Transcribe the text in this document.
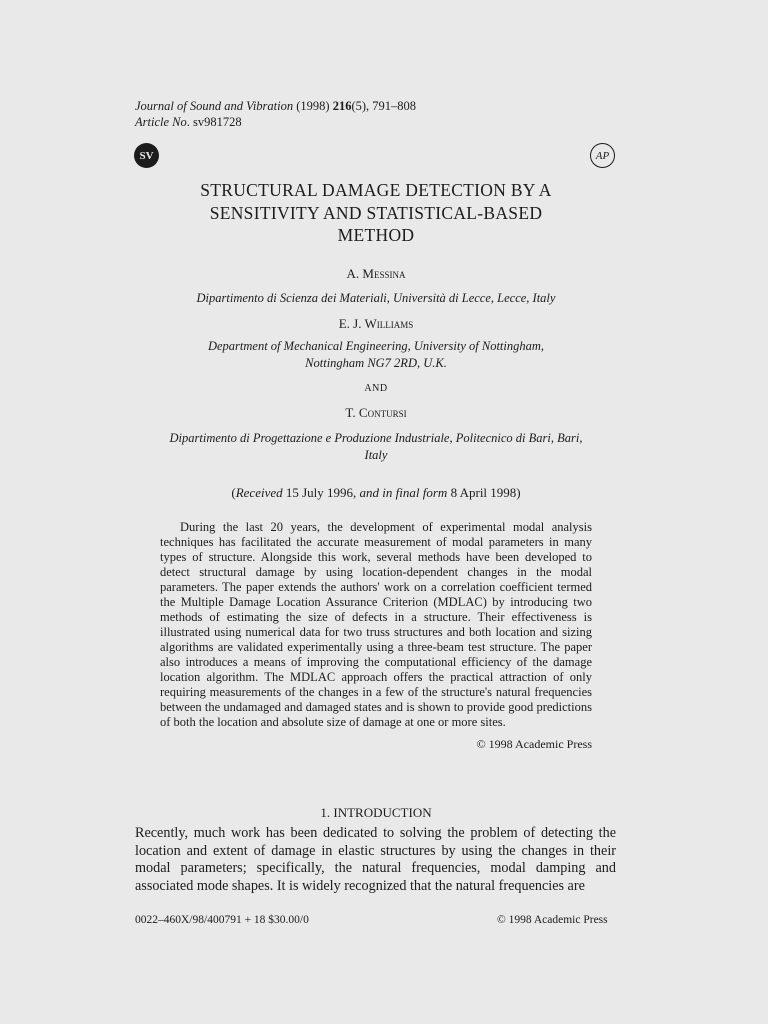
Journal of Sound and Vibration (1998) 216(5), 791–808
Article No. sv981728
SV	AP
STRUCTURAL DAMAGE DETECTION BY A
SENSITIVITY AND STATISTICAL-BASED
METHOD
A. Messina
Dipartimento di Scienza dei Materiali, Università di Lecce, Lecce, Italy
E. J. Williams
Department of Mechanical Engineering, University of Nottingham,
Nottingham NG7 2RD, U.K.
AND
T. Contursi
Dipartimento di Progettazione e Produzione Industriale, Politecnico di Bari, Bari,
Italy
(Received 15 July 1996, and in final form 8 April 1998)
During the last 20 years, the development of experimental modal analysis techniques has facilitated the accurate measurement of modal parameters in many types of structure. Alongside this work, several methods have been developed to detect structural damage by using location-dependent changes in the modal parameters. The paper extends the authors' work on a correlation coefficient termed the Multiple Damage Location Assurance Criterion (MDLAC) by introducing two methods of estimating the size of defects in a structure. Their effectiveness is illustrated using numerical data for two truss structures and both location and sizing algorithms are validated experimentally using a three-beam test structure. The paper also introduces a means of improving the computational efficiency of the damage location algorithm. The MDLAC approach offers the practical attraction of only requiring measurements of the changes in a few of the structure's natural frequencies between the undamaged and damaged states and is shown to provide good predictions of both the location and absolute size of damage at one or more sites.
© 1998 Academic Press
1. INTRODUCTION
Recently, much work has been dedicated to solving the problem of detecting the location and extent of damage in elastic structures by using the changes in their modal parameters; specifically, the natural frequencies, modal damping and associated mode shapes. It is widely recognized that the natural frequencies are
0022–460X/98/400791 + 18 $30.00/0	© 1998 Academic Press
